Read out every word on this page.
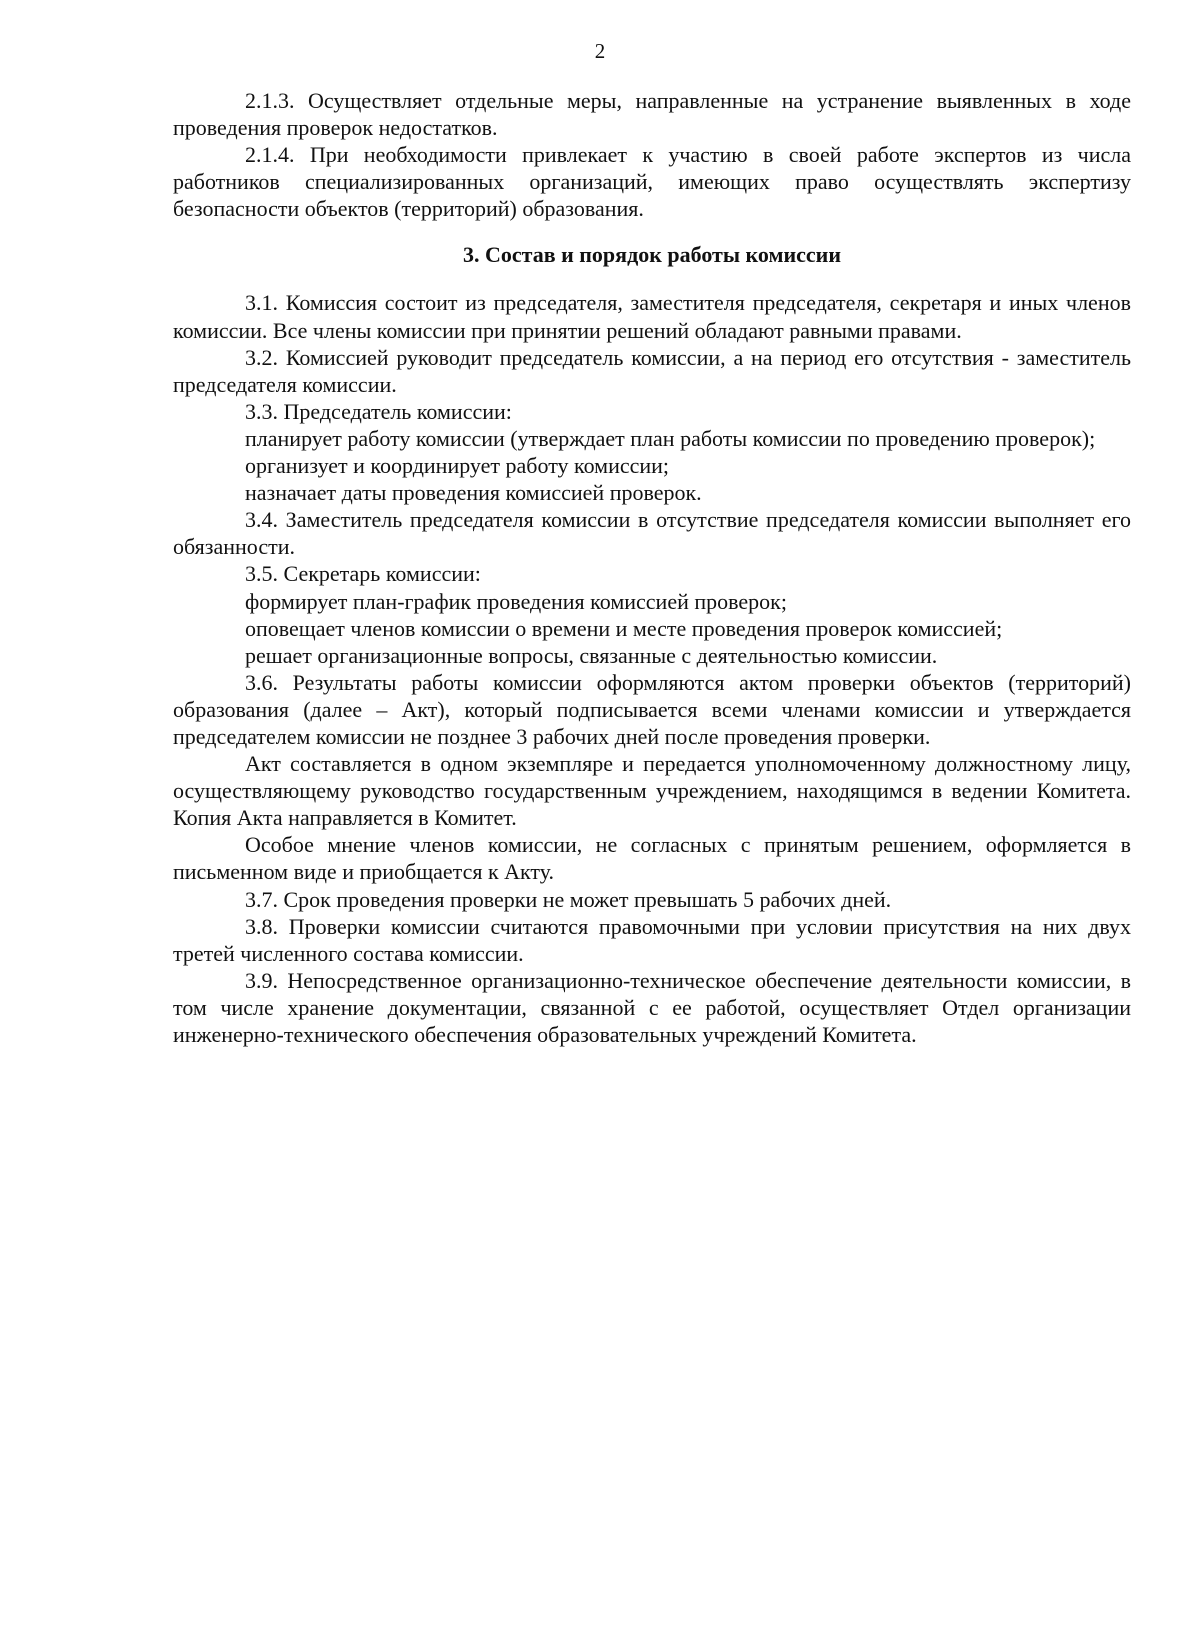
2

2.1.3. Осуществляет отдельные меры, направленные на устранение выявленных в ходе проведения проверок недостатков.

2.1.4. При необходимости привлекает к участию в своей работе экспертов из числа работников специализированных организаций, имеющих право осуществлять экспертизу безопасности объектов (территорий) образования.

3. Состав и порядок работы комиссии

3.1. Комиссия состоит из председателя, заместителя председателя, секретаря и иных членов комиссии. Все члены комиссии при принятии решений обладают равными правами.

3.2. Комиссией руководит председатель комиссии, а на период его отсутствия - заместитель председателя комиссии.

3.3. Председатель комиссии:

планирует работу комиссии (утверждает план работы комиссии по проведению проверок);

организует и координирует работу комиссии;

назначает даты проведения комиссией проверок.

3.4. Заместитель председателя комиссии в отсутствие председателя комиссии выполняет его обязанности.

3.5. Секретарь комиссии:

формирует план-график проведения комиссией проверок;

оповещает членов комиссии о времени и месте проведения проверок комиссией;

решает организационные вопросы, связанные с деятельностью комиссии.

3.6. Результаты работы комиссии оформляются актом проверки объектов (территорий) образования (далее – Акт), который подписывается всеми членами комиссии и утверждается председателем комиссии не позднее 3 рабочих дней после проведения проверки.

Акт составляется в одном экземпляре и передается уполномоченному должностному лицу, осуществляющему руководство государственным учреждением, находящимся в ведении Комитета. Копия Акта направляется в Комитет.

Особое мнение членов комиссии, не согласных с принятым решением, оформляется в письменном виде и приобщается к Акту.

3.7. Срок проведения проверки не может превышать 5 рабочих дней.

3.8. Проверки комиссии считаются правомочными при условии присутствия на них двух третей численного состава комиссии.

3.9. Непосредственное организационно-техническое обеспечение деятельности комиссии, в том числе хранение документации, связанной с ее работой, осуществляет Отдел организации инженерно-технического обеспечения образовательных учреждений Комитета.
